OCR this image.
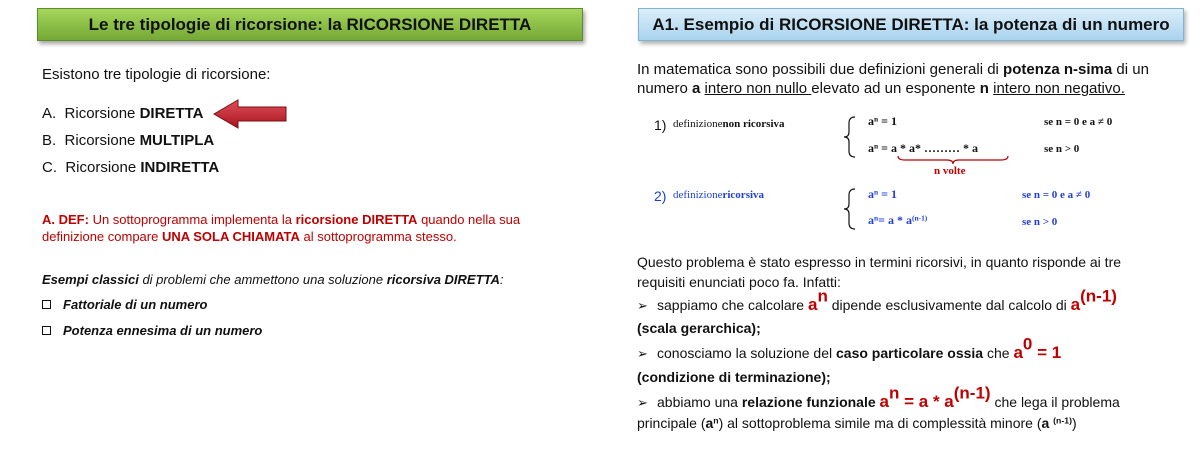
Le tre tipologie di ricorsione: la RICORSIONE DIRETTA
Esistono tre tipologie di ricorsione:
A. Ricorsione DIRETTA
B. Ricorsione MULTIPLA
C. Ricorsione INDIRETTA
A. DEF: Un sottoprogramma implementa la ricorsione DIRETTA quando nella sua
definizione compare UNA SOLA CHIAMATA al sottoprogramma stesso.
Esempi classici di problemi che ammettono una soluzione ricorsiva DIRETTA:
Fattoriale di un numero
Potenza ennesima di un numero
A1. Esempio di RICORSIONE DIRETTA: la potenza di un numero
In matematica sono possibili due definizioni generali di potenza n-sima di un
numero a intero non nullo elevato ad un esponente n intero non negativo.
1) definizionenon ricorsiva	$a^n = 1$	se n = 0 e a ≠ 0
$a^n = a * a*$ ……… * a	se n > 0
n volte
2) definizionericorsiva	$a^n = 1$	se n = 0 e a ≠ 0
$a^n= a * a^{(n-1)}$	se n > 0
Questo problema è stato espresso in termini ricorsivi, in quanto risponde ai tre
requisiti enunciati poco fa. Infatti:
➢ sappiamo che calcolare $a^n$ dipende esclusivamente dal calcolo di $a^{(n-1)}$
(scala gerarchica);
➢ conosciamo la soluzione del caso particolare ossia che $a^0 = 1$
(condizione di terminazione);
➢ abbiamo una relazione funzionale $a^n = a * a^{(n-1)}$ che lega il problema
principale $(a^n)$ al sottoproblema simile ma di complessità minore (a $^{(n-1)}$)
